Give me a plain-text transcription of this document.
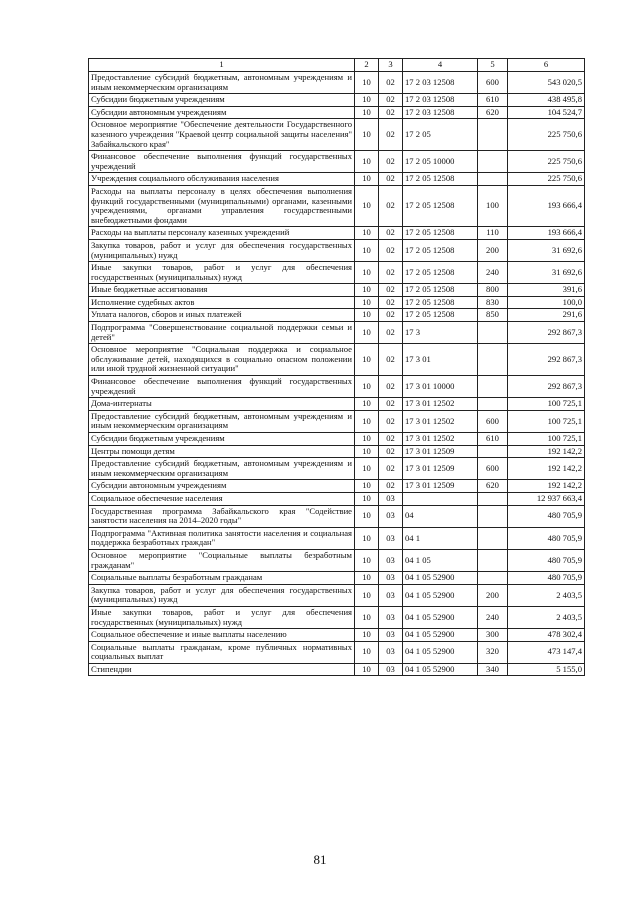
1	2	3	4	5	6
Предоставление субсидий бюджетным, автономным учреждениям и иным некоммерческим организациям	10	02	17 2 03 12508	600	543 020,5
Субсидии бюджетным учреждениям	10	02	17 2 03 12508	610	438 495,8
Субсидии автономным учреждениям	10	02	17 2 03 12508	620	104 524,7
Основное мероприятие "Обеспечение деятельности Государственного казенного учреждения "Краевой центр социальной защиты населения" Забайкальского края"	10	02	17 2 05		225 750,6
Финансовое обеспечение выполнения функций государственных учреждений	10	02	17 2 05 10000		225 750,6
Учреждения социального обслуживания населения	10	02	17 2 05 12508		225 750,6
Расходы на выплаты персоналу в целях обеспечения выполнения функций государственными (муниципальными) органами, казенными учреждениями, органами управления государственными внебюджетными фондами	10	02	17 2 05 12508	100	193 666,4
Расходы на выплаты персоналу казенных учреждений	10	02	17 2 05 12508	110	193 666,4
Закупка товаров, работ и услуг для обеспечения государственных (муниципальных) нужд	10	02	17 2 05 12508	200	31 692,6
Иные закупки товаров, работ и услуг для обеспечения государственных (муниципальных) нужд	10	02	17 2 05 12508	240	31 692,6
Иные бюджетные ассигнования	10	02	17 2 05 12508	800	391,6
Исполнение судебных актов	10	02	17 2 05 12508	830	100,0
Уплата налогов, сборов и иных платежей	10	02	17 2 05 12508	850	291,6
Подпрограмма "Совершенствование социальной поддержки семьи и детей"	10	02	17 3		292 867,3
Основное мероприятие "Социальная поддержка и социальное обслуживание детей, находящихся в социально опасном положении или иной трудной жизненной ситуации"	10	02	17 3 01		292 867,3
Финансовое обеспечение выполнения функций государственных учреждений	10	02	17 3 01 10000		292 867,3
Дома-интернаты	10	02	17 3 01 12502		100 725,1
Предоставление субсидий бюджетным, автономным учреждениям и иным некоммерческим организациям	10	02	17 3 01 12502	600	100 725,1
Субсидии бюджетным учреждениям	10	02	17 3 01 12502	610	100 725,1
Центры помощи детям	10	02	17 3 01 12509		192 142,2
Предоставление субсидий бюджетным, автономным учреждениям и иным некоммерческим организациям	10	02	17 3 01 12509	600	192 142,2
Субсидии автономным учреждениям	10	02	17 3 01 12509	620	192 142,2
Социальное обеспечение населения	10	03			12 937 663,4
Государственная программа Забайкальского края "Содействие занятости населения на 2014–2020 годы"	10	03	04		480 705,9
Подпрограмма "Активная политика занятости населения и социальная поддержка безработных граждан"	10	03	04 1		480 705,9
Основное мероприятие "Социальные выплаты безработным гражданам"	10	03	04 1 05		480 705,9
Социальные выплаты безработным гражданам	10	03	04 1 05 52900		480 705,9
Закупка товаров, работ и услуг для обеспечения государственных (муниципальных) нужд	10	03	04 1 05 52900	200	2 403,5
Иные закупки товаров, работ и услуг для обеспечения государственных (муниципальных) нужд	10	03	04 1 05 52900	240	2 403,5
Социальное обеспечение и иные выплаты населению	10	03	04 1 05 52900	300	478 302,4
Социальные выплаты гражданам, кроме публичных нормативных социальных выплат	10	03	04 1 05 52900	320	473 147,4
Стипендии	10	03	04 1 05 52900	340	5 155,0
81
